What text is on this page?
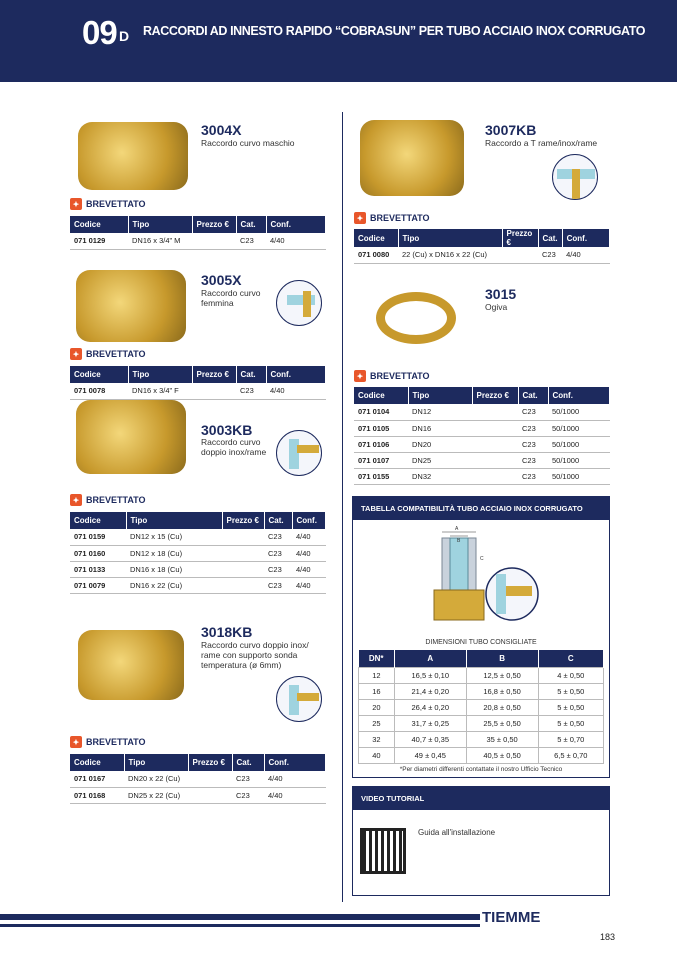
09 D RACCORDI AD INNESTO RAPIDO “COBRASUN” PER TUBO ACCIAIO INOX CORRUGATO
3004X
Raccordo curvo maschio
✦ BREVETTATO
Codice	Tipo	Prezzo €	Cat.	Conf.
071 0129	DN16 x 3/4” M		C23	4/40
3005X
Raccordo curvo femmina
✦ BREVETTATO
Codice	Tipo	Prezzo €	Cat.	Conf.
071 0078	DN16 x 3/4” F		C23	4/40
3003KB
Raccordo curvo doppio inox/rame
✦ BREVETTATO
Codice	Tipo	Prezzo €	Cat.	Conf.
071 0159	DN12 x 15 (Cu)		C23	4/40
071 0160	DN12 x 18 (Cu)		C23	4/40
071 0133	DN16 x 18 (Cu)		C23	4/40
071 0079	DN16 x 22 (Cu)		C23	4/40
3018KB
Raccordo curvo doppio inox/ rame con supporto sonda temperatura (ø 6mm)
✦ BREVETTATO
Codice	Tipo	Prezzo €	Cat.	Conf.
071 0167	DN20 x 22 (Cu)		C23	4/40
071 0168	DN25 x 22 (Cu)		C23	4/40
3007KB
Raccordo a T rame/inox/rame
✦ BREVETTATO
Codice	Tipo	Prezzo €	Cat.	Conf.
071 0080	22 (Cu) x DN16 x 22 (Cu)		C23	4/40
3015
Ogiva
✦ BREVETTATO
Codice	Tipo	Prezzo €	Cat.	Conf.
071 0104	DN12		C23	50/1000
071 0105	DN16		C23	50/1000
071 0106	DN20		C23	50/1000
071 0107	DN25		C23	50/1000
071 0155	DN32		C23	50/1000
TABELLA COMPATIBILITÀ TUBO ACCIAIO INOX CORRUGATO
A
B
C
DIMENSIONI TUBO CONSIGLIATE
DN*	A	B	C
12	16,5 ± 0,10	12,5 ± 0,50	4 ± 0,50
16	21,4 ± 0,20	16,8 ± 0,50	5 ± 0,50
20	26,4 ± 0,20	20,8 ± 0,50	5 ± 0,50
25	31,7 ± 0,25	25,5 ± 0,50	5 ± 0,50
32	40,7 ± 0,35	35 ± 0,50	5 ± 0,70
40	49 ± 0,45	40,5 ± 0,50	6,5 ± 0,70
*Per diametri differenti contattate il nostro Ufficio Tecnico
VIDEO TUTORIAL
Guida all'installazione
TIEMME
183
